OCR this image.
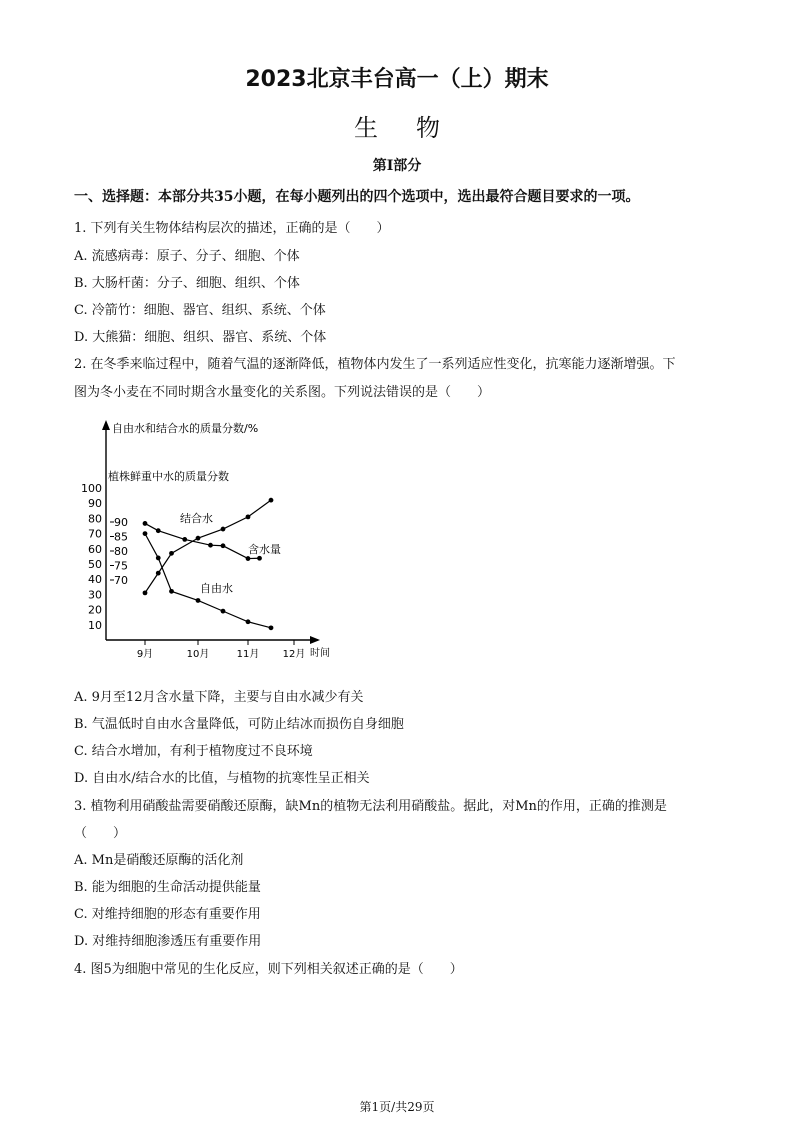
2023北京丰台高一（上）期末
生物
第I部分
一、选择题：本部分共35小题，在每小题列出的四个选项中，选出最符合题目要求的一项。
1. 下列有关生物体结构层次的描述，正确的是（　　）
A. 流感病毒：原子、分子、细胞、个体
B. 大肠杆菌：分子、细胞、组织、个体
C. 冷箭竹：细胞、器官、组织、系统、个体
D. 大熊猫：细胞、组织、器官、系统、个体
2. 在冬季来临过程中，随着气温的逐渐降低，植物体内发生了一系列适应性变化，抗寒能力逐渐增强。下
图为冬小麦在不同时期含水量变化的关系图。下列说法错误的是（　　）
100
90
80
70
60
50
40
30
20
10
90
85
80
75
70
9月	10月	11月 12月
结合水
自由水
含水量
自由水和结合水的质量分数/%
植株鲜重中水的质量分数
时间
A. 9月至12月含水量下降，主要与自由水减少有关
B. 气温低时自由水含量降低，可防止结冰而损伤自身细胞
C. 结合水增加，有利于植物度过不良环境
D. 自由水/结合水的比值，与植物的抗寒性呈正相关
3. 植物利用硝酸盐需要硝酸还原酶，缺Mn的植物无法利用硝酸盐。据此，对Mn的作用，正确的推测是
（　　）
A. Mn是硝酸还原酶的活化剂
B. 能为细胞的生命活动提供能量
C. 对维持细胞的形态有重要作用
D. 对维持细胞渗透压有重要作用
4. 图5为细胞中常见的生化反应，则下列相关叙述正确的是（　　）
第1页/共29页
